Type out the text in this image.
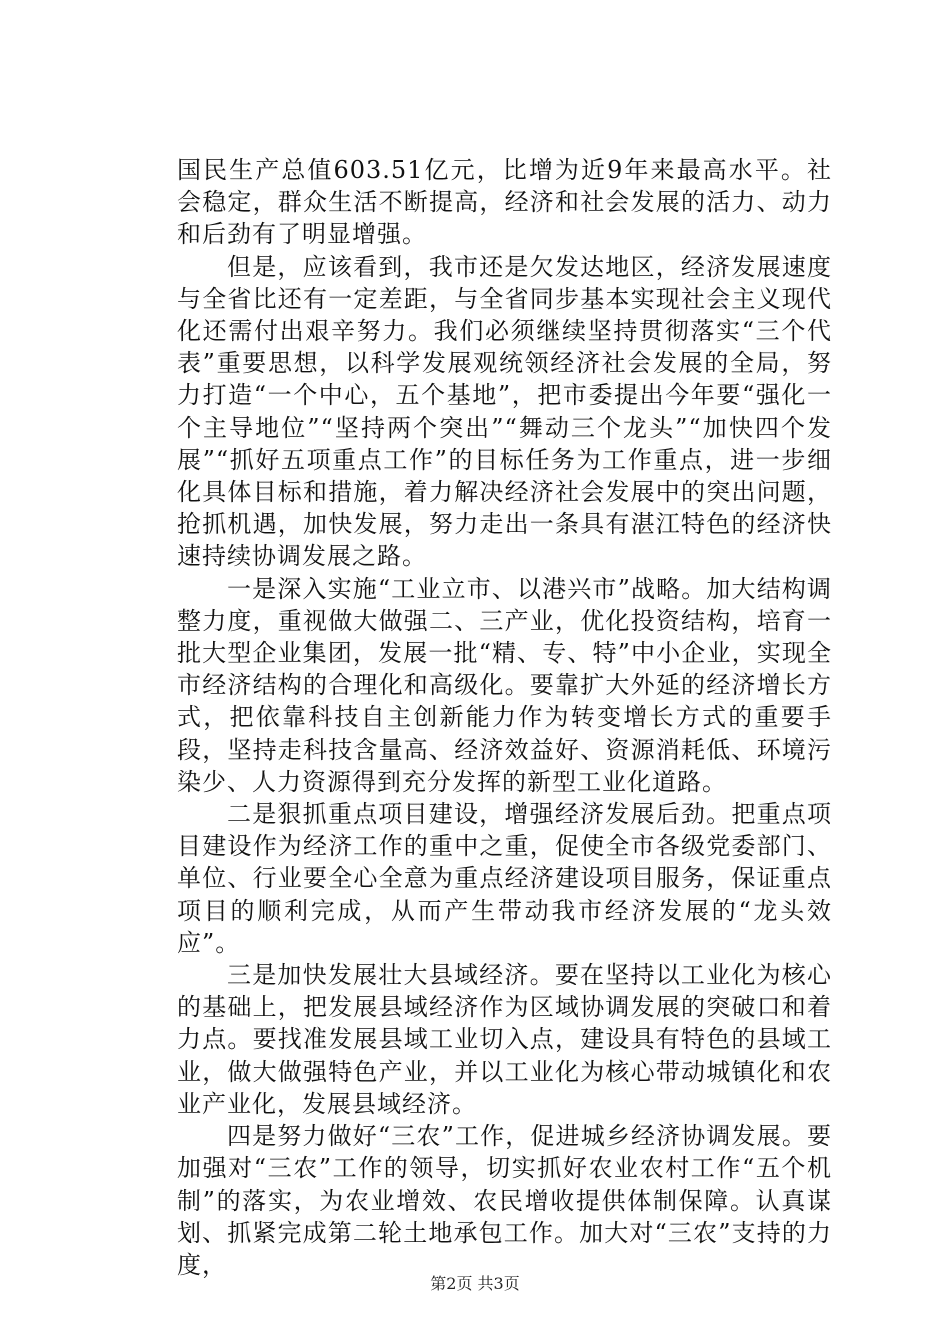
国民生产总值603.51亿元，比增为近9年来最高水平。社会稳定，群众生活不断提高，经济和社会发展的活力、动力和后劲有了明显增强。

但是，应该看到，我市还是欠发达地区，经济发展速度与全省比还有一定差距，与全省同步基本实现社会主义现代化还需付出艰辛努力。我们必须继续坚持贯彻落实“三个代表”重要思想，以科学发展观统领经济社会发展的全局，努力打造“一个中心，五个基地”，把市委提出今年要“强化一个主导地位”“坚持两个突出”“舞动三个龙头”“加快四个发展”“抓好五项重点工作”的目标任务为工作重点，进一步细化具体目标和措施，着力解决经济社会发展中的突出问题，抢抓机遇，加快发展，努力走出一条具有湛江特色的经济快速持续协调发展之路。

一是深入实施“工业立市、以港兴市”战略。加大结构调整力度，重视做大做强二、三产业，优化投资结构，培育一批大型企业集团，发展一批“精、专、特”中小企业，实现全市经济结构的合理化和高级化。要靠扩大外延的经济增长方式，把依靠科技自主创新能力作为转变增长方式的重要手段，坚持走科技含量高、经济效益好、资源消耗低、环境污染少、人力资源得到充分发挥的新型工业化道路。

二是狠抓重点项目建设，增强经济发展后劲。把重点项目建设作为经济工作的重中之重，促使全市各级党委部门、单位、行业要全心全意为重点经济建设项目服务，保证重点项目的顺利完成，从而产生带动我市经济发展的“龙头效应”。

三是加快发展壮大县域经济。要在坚持以工业化为核心的基础上，把发展县域经济作为区域协调发展的突破口和着力点。要找准发展县域工业切入点，建设具有特色的县域工业，做大做强特色产业，并以工业化为核心带动城镇化和农业产业化，发展县域经济。

四是努力做好“三农”工作，促进城乡经济协调发展。要加强对“三农”工作的领导，切实抓好农业农村工作“五个机制”的落实，为农业增效、农民增收提供体制保障。认真谋划、抓紧完成第二轮土地承包工作。加大对“三农”支持的力度，

第2页 共3页
